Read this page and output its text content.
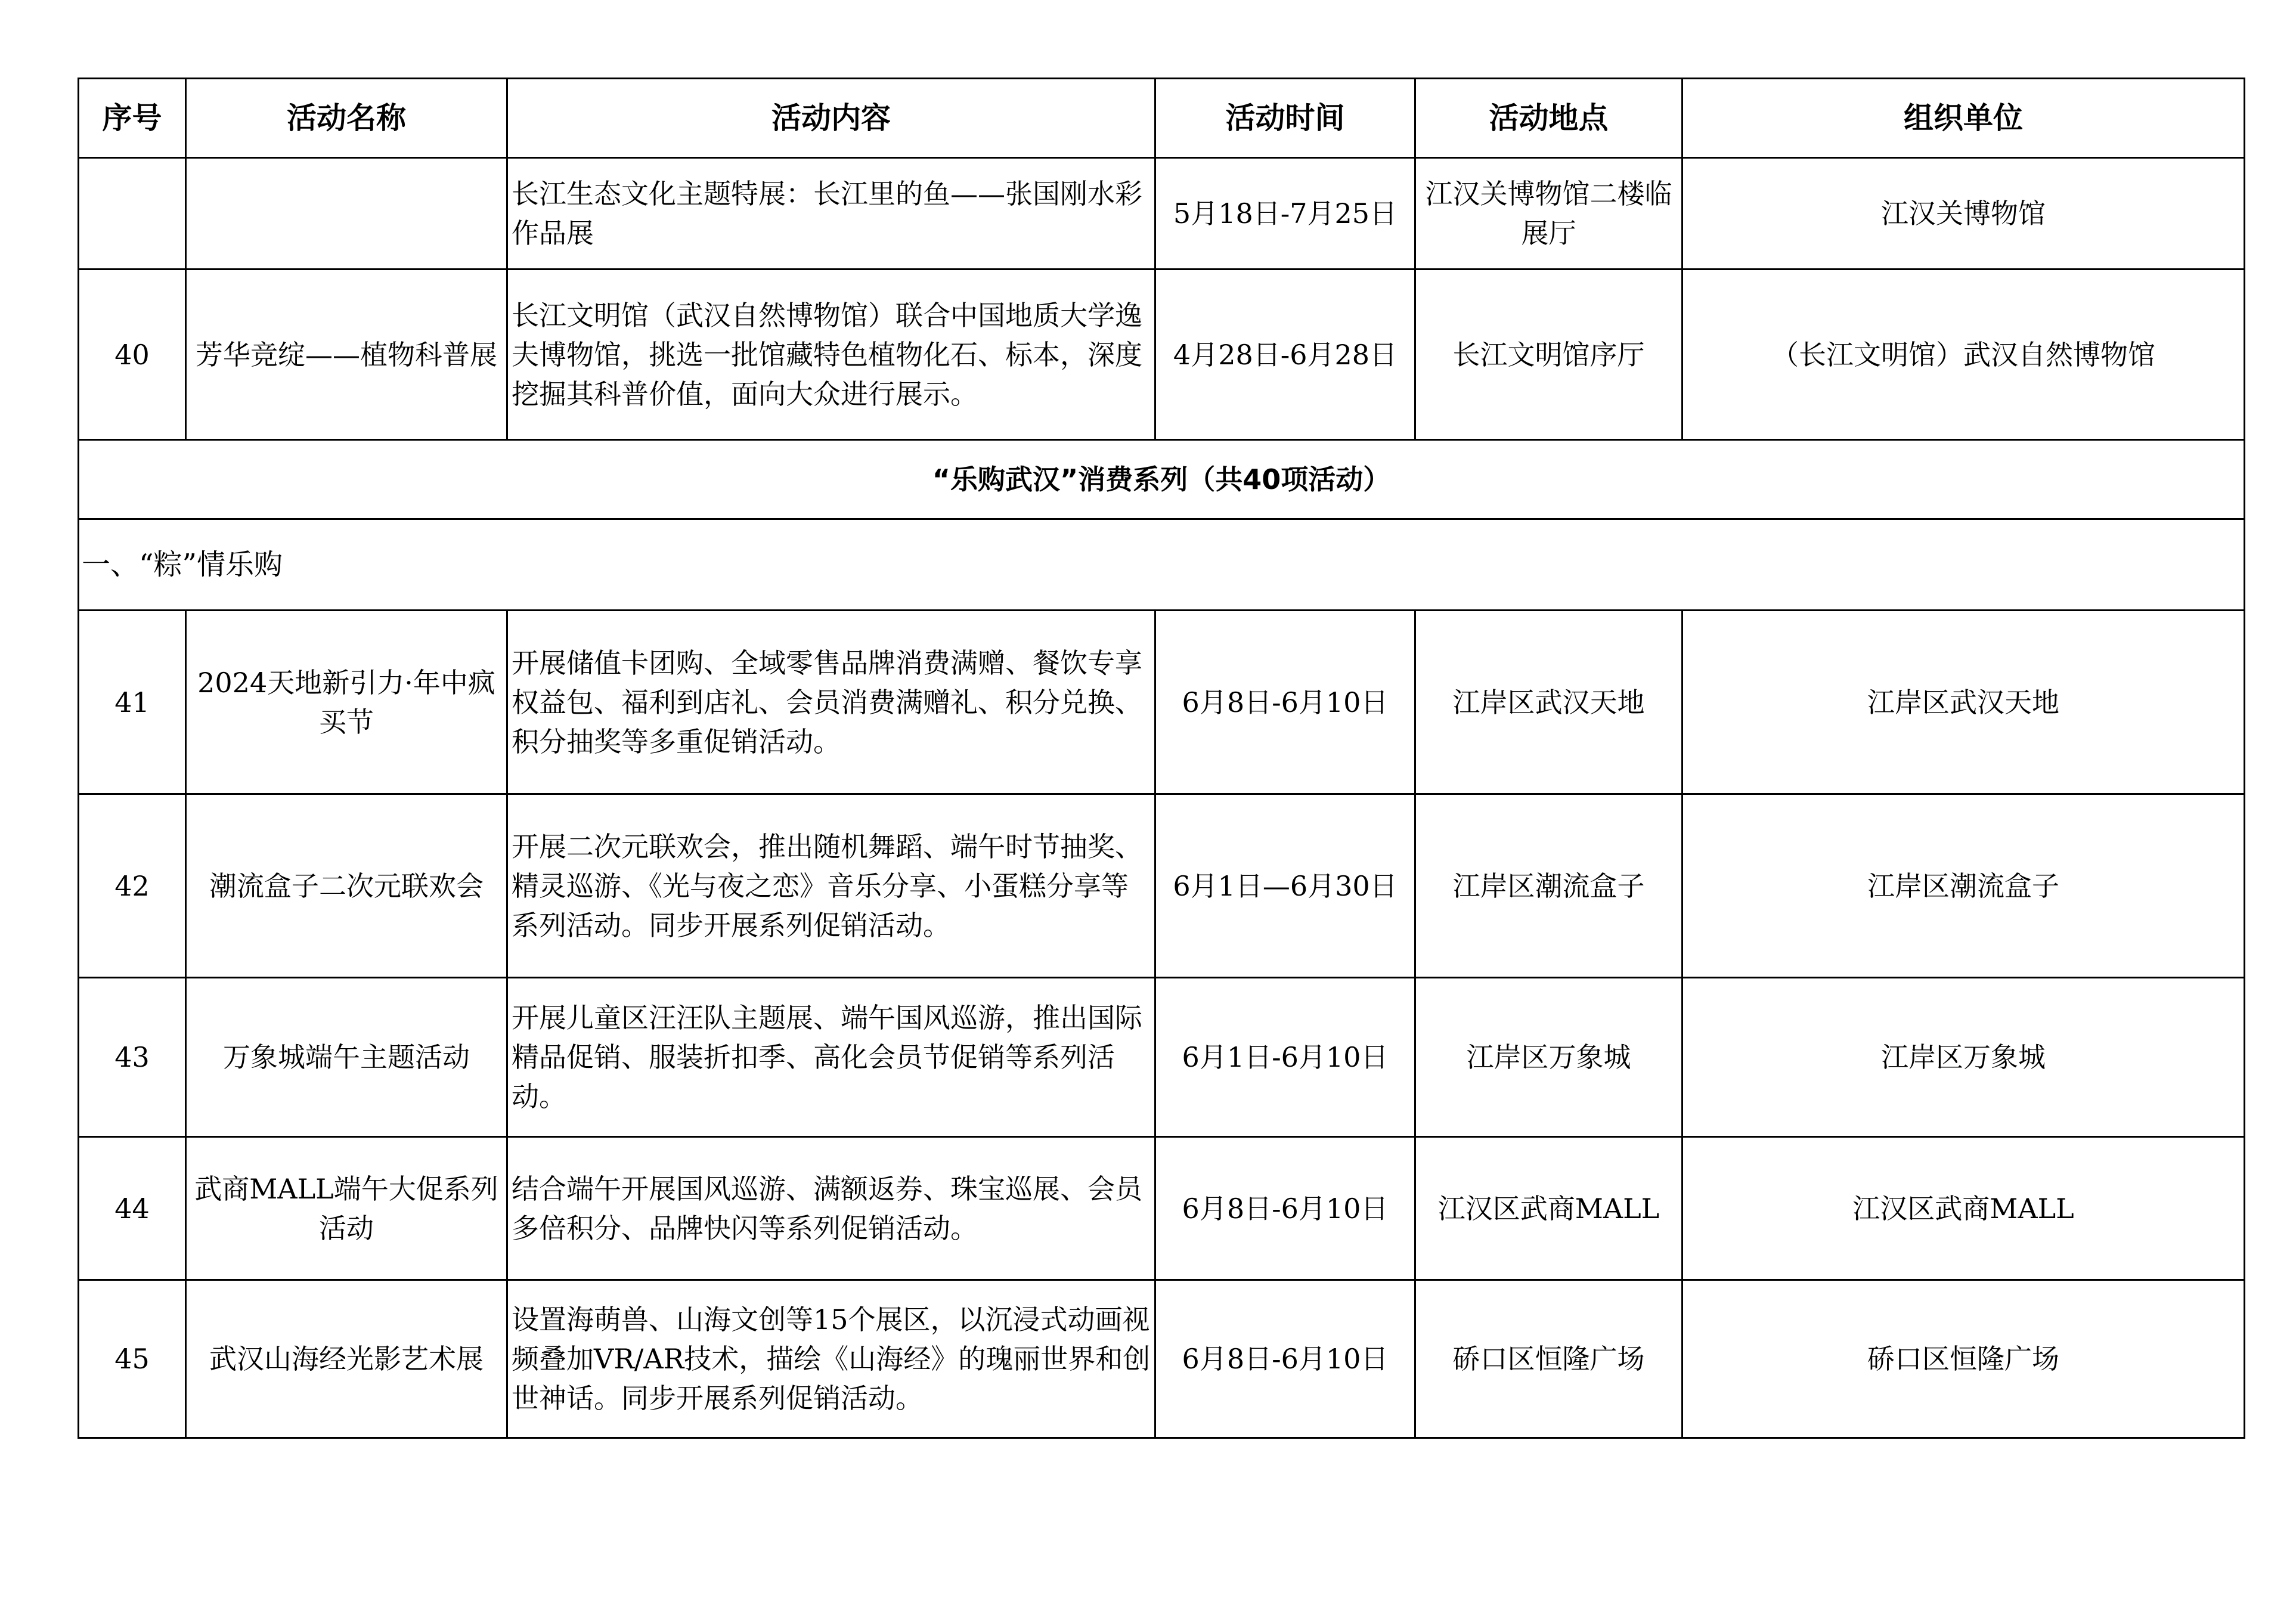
序号	活动名称	活动内容	活动时间	活动地点	组织单位
		长江生态文化主题特展：长江里的鱼——张国刚水彩作品展	5月18日-7月25日	江汉关博物馆二楼临展厅	江汉关博物馆
40	芳华竞绽——植物科普展	长江文明馆（武汉自然博物馆）联合中国地质大学逸夫博物馆，挑选一批馆藏特色植物化石、标本，深度挖掘其科普价值，面向大众进行展示。	4月28日-6月28日	长江文明馆序厅	（长江文明馆）武汉自然博物馆
“乐购武汉”消费系列（共40项活动）					
一、“粽”情乐购					
41	2024天地新引力·年中疯买节	开展储值卡团购、全域零售品牌消费满赠、餐饮专享权益包、福利到店礼、会员消费满赠礼、积分兑换、积分抽奖等多重促销活动。	6月8日-6月10日	江岸区武汉天地	江岸区武汉天地
42	潮流盒子二次元联欢会	开展二次元联欢会，推出随机舞蹈、端午时节抽奖、精灵巡游、《光与夜之恋》音乐分享、小蛋糕分享等系列活动。同步开展系列促销活动。	6月1日—6月30日	江岸区潮流盒子	江岸区潮流盒子
43	万象城端午主题活动	开展儿童区汪汪队主题展、端午国风巡游，推出国际精品促销、服装折扣季、高化会员节促销等系列活动。	6月1日-6月10日	江岸区万象城	江岸区万象城
44	武商MALL端午大促系列活动	结合端午开展国风巡游、满额返券、珠宝巡展、会员多倍积分、品牌快闪等系列促销活动。	6月8日-6月10日	江汉区武商MALL	江汉区武商MALL
45	武汉山海经光影艺术展	设置海萌兽、山海文创等15个展区，以沉浸式动画视频叠加VR/AR技术，描绘《山海经》的瑰丽世界和创世神话。同步开展系列促销活动。	6月8日-6月10日	硚口区恒隆广场	硚口区恒隆广场
